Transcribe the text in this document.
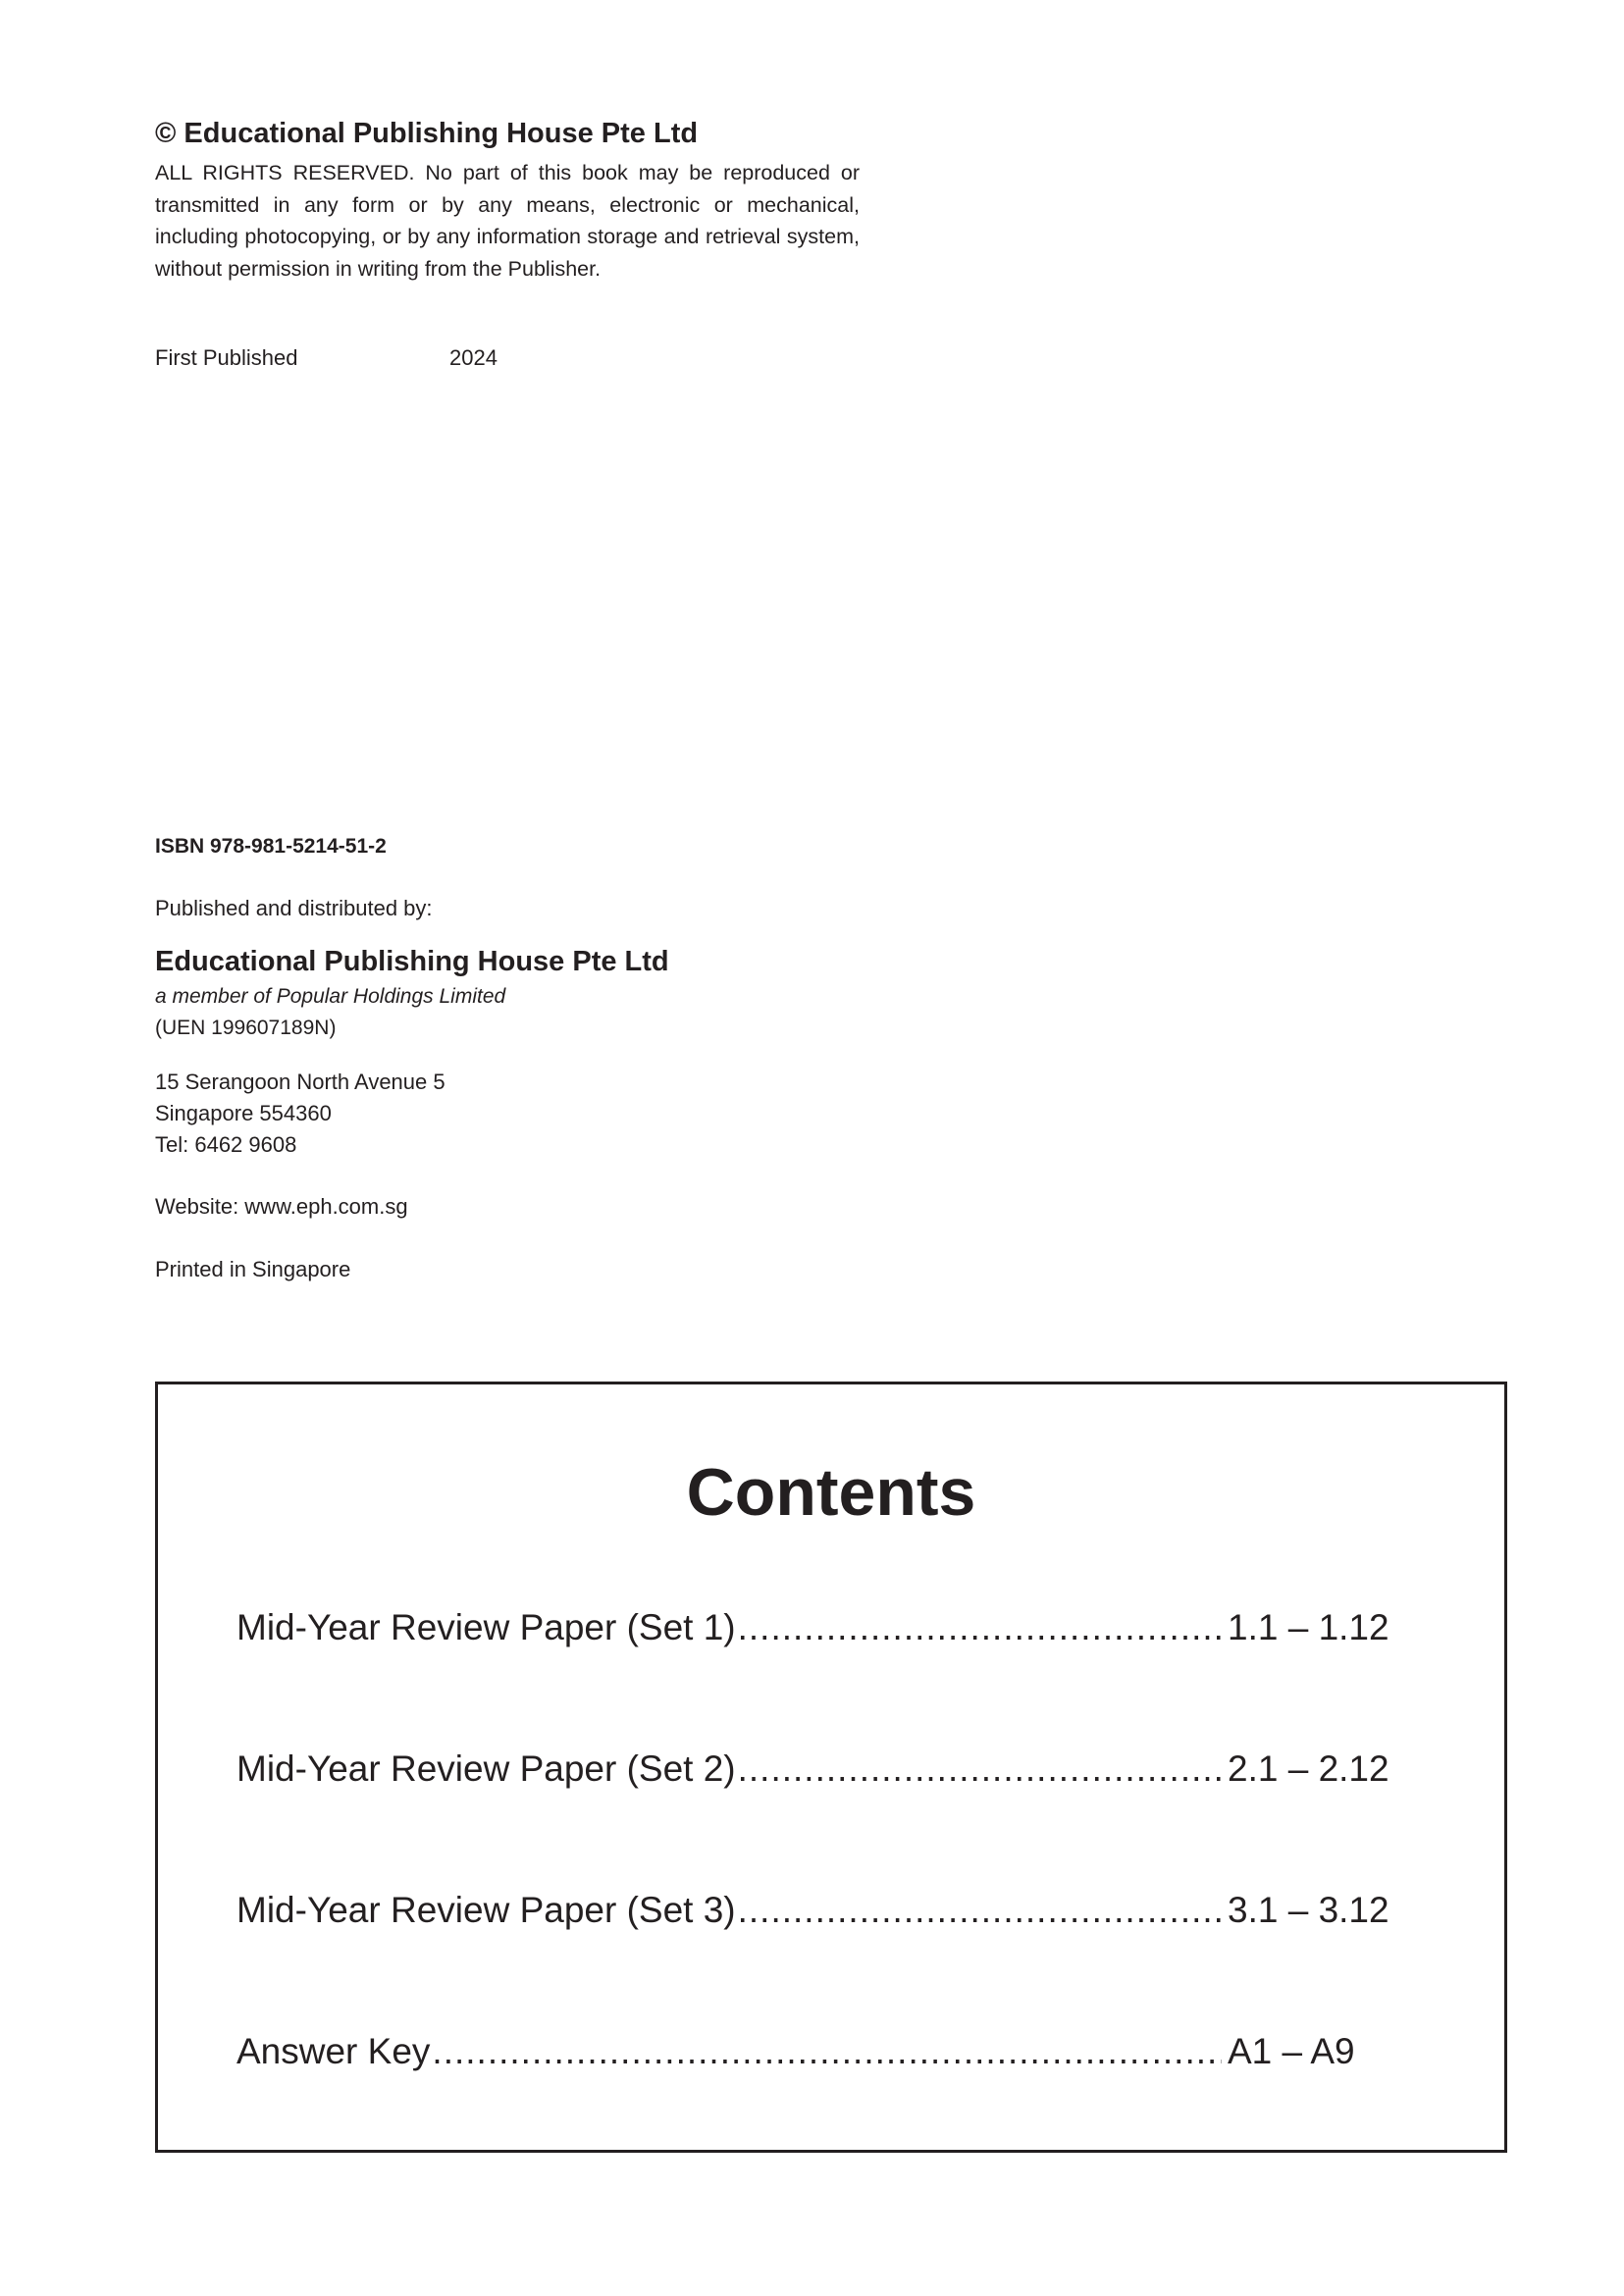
© Educational Publishing House Pte Ltd

ALL RIGHTS RESERVED. No part of this book may be reproduced or transmitted in any form or by any means, electronic or mechanical, including photocopying, or by any information storage and retrieval system, without permission in writing from the Publisher.

First Published	2024
ISBN 978-981-5214-51-2
Published and distributed by:
Educational Publishing House Pte Ltd
a member of Popular Holdings Limited
(UEN 199607189N)
15 Serangoon North Avenue 5
Singapore 554360
Tel: 6462 9608
Website: www.eph.com.sg
Printed in Singapore
Contents
Mid-Year Review Paper (Set 1) .....	1.1 – 1.12
Mid-Year Review Paper (Set 2) .....	2.1 – 2.12
Mid-Year Review Paper (Set 3) .....	3.1 – 3.12
Answer Key .....	A1 – A9
